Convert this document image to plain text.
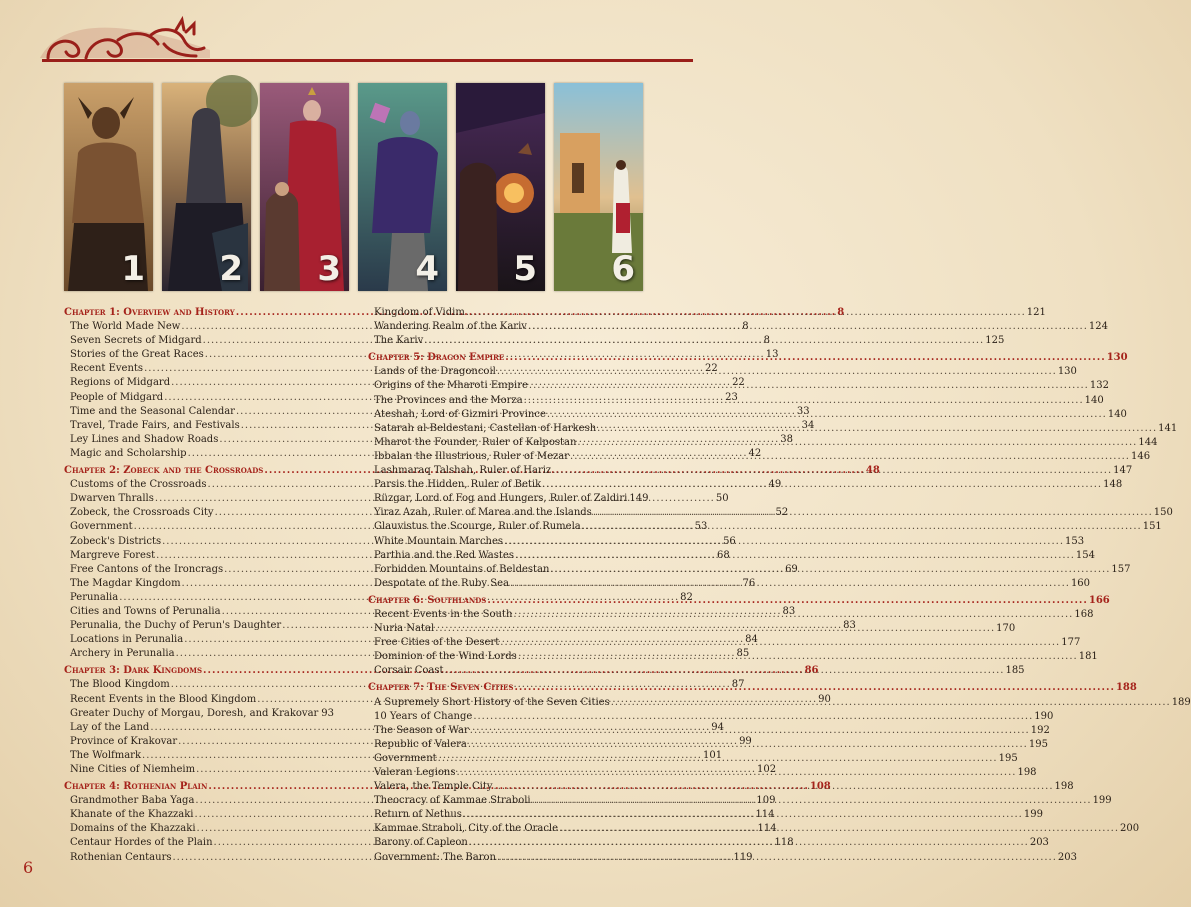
1 2 3 4 5 6
Chapter 1: Overview and History .....	8
The World Made New .....	8
Seven Secrets of Midgard .....	8
Stories of the Great Races .....	13
Recent Events .....	22
Regions of Midgard .....	22
People of Midgard .....	23
Time and the Seasonal Calendar .....	33
Travel, Trade Fairs, and Festivals .....	34
Ley Lines and Shadow Roads .....	38
Magic and Scholarship .....	42
Chapter 2: Zobeck and the Crossroads .....	48
Customs of the Crossroads .....	49
Dwarven Thralls .....	50
Zobeck, the Crossroads City .....	52
Government .....	53
Zobeck's Districts .....	56
Margreve Forest .....	68
Free Cantons of the Ironcrags .....	69
The Magdar Kingdom .....	76
Perunalia .....	82
Cities and Towns of Perunalia .....	83
Perunalia, the Duchy of Perun's Daughter .....	83
Locations in Perunalia .....	84
Archery in Perunalia .....	85
Chapter 3: Dark Kingdoms .....	86
The Blood Kingdom .....	87
Recent Events in the Blood Kingdom .....	90
Greater Duchy of Morgau, Doresh, and Krakovar ..... 93
Lay of the Land .....	94
Province of Krakovar .....	99
The Wolfmark .....	101
Nine Cities of Niemheim .....	102
Chapter 4: Rothenian Plain .....	108
Grandmother Baba Yaga .....	109
Khanate of the Khazzaki .....	114
Domains of the Khazzaki .....	114
Centaur Hordes of the Plain .....	118
Rothenian Centaurs .....	119
Kingdom of Vidim .....	121
Wandering Realm of the Kariv .....	124
The Kariv .....	125
Chapter 5: Dragon Empire .....	130
Lands of the Dragoncoil .....	130
Origins of the Mharoti Empire .....	132
The Provinces and the Morza .....	140
Ateshah, Lord of Gizmiri Province .....	140
Satarah al-Beldestani, Castellan of Harkesh .....	141
Mharot the Founder, Ruler of Kalpostan .....	144
Ibbalan the Illustrious, Ruler of Mezar .....	146
Lashmaraq Talshah, Ruler of Hariz .....	147
Parsis the Hidden, Ruler of Betik .....	148
Rüzgar, Lord of Fog and Hungers, Ruler of Zaldiri 149
Yiraz Azah, Ruler of Marea and the Islands .....	150
Glauvistus the Scourge, Ruler of Rumela .....	151
White Mountain Marches .....	153
Parthia and the Red Wastes .....	154
Forbidden Mountains of Beldestan .....	157
Despotate of the Ruby Sea .....	160
Chapter 6: Southlands .....	166
Recent Events in the South .....	168
Nuria Natal .....	170
Free Cities of the Desert .....	177
Dominion of the Wind Lords .....	181
Corsair Coast .....	185
Chapter 7: The Seven Cities .....	188
A Supremely Short History of the Seven Cities .....	189
10 Years of Change .....	190
The Season of War .....	192
Republic of Valera .....	195
Government .....	195
Valeran Legions .....	198
Valera, the Temple City .....	198
Theocracy of Kammae Straboli .....	199
Return of Nethus .....	199
Kammae Straboli, City of the Oracle .....	200
Barony of Capleon .....	203
Government: The Baron .....	203
6
